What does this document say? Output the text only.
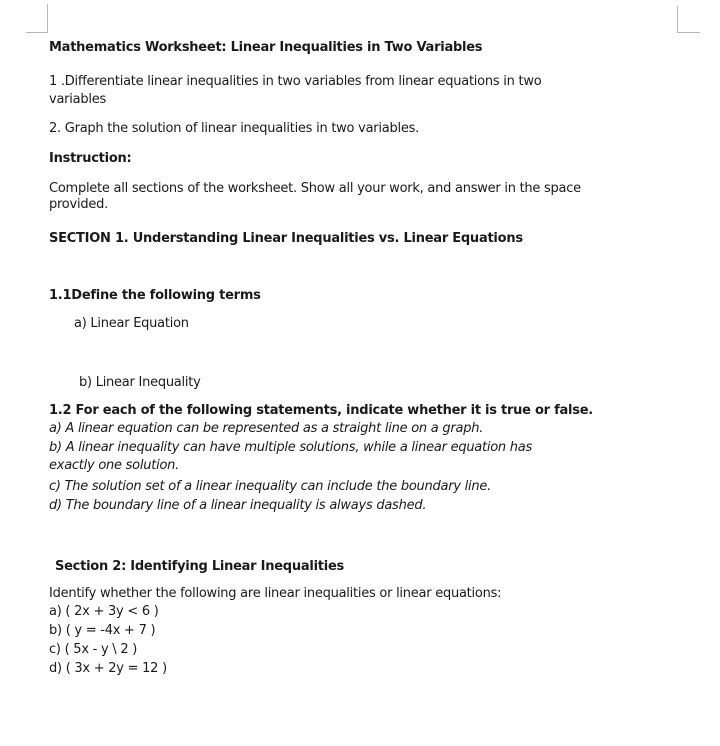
Mathematics Worksheet: Linear Inequalities in Two Variables

1 .Differentiate linear inequalities in two variables from linear equations in two

variables

2. Graph the solution of linear inequalities in two variables.

Instruction:

Complete all sections of the worksheet. Show all your work, and answer in the space

provided.

SECTION 1. Understanding Linear Inequalities vs. Linear Equations

1.1Define the following terms

a) Linear Equation

b) Linear Inequality

1.2 For each of the following statements, indicate whether it is true or false.

a) A linear equation can be represented as a straight line on a graph.

b) A linear inequality can have multiple solutions, while a linear equation has

exactly one solution.

c) The solution set of a linear inequality can include the boundary line.

d) The boundary line of a linear inequality is always dashed.

Section 2: Identifying Linear Inequalities

Identify whether the following are linear inequalities or linear equations:

a) ( 2x + 3y < 6 )

b) ( y = -4x + 7 )

c) ( 5x - y \ 2 )

d) ( 3x + 2y = 12 )
